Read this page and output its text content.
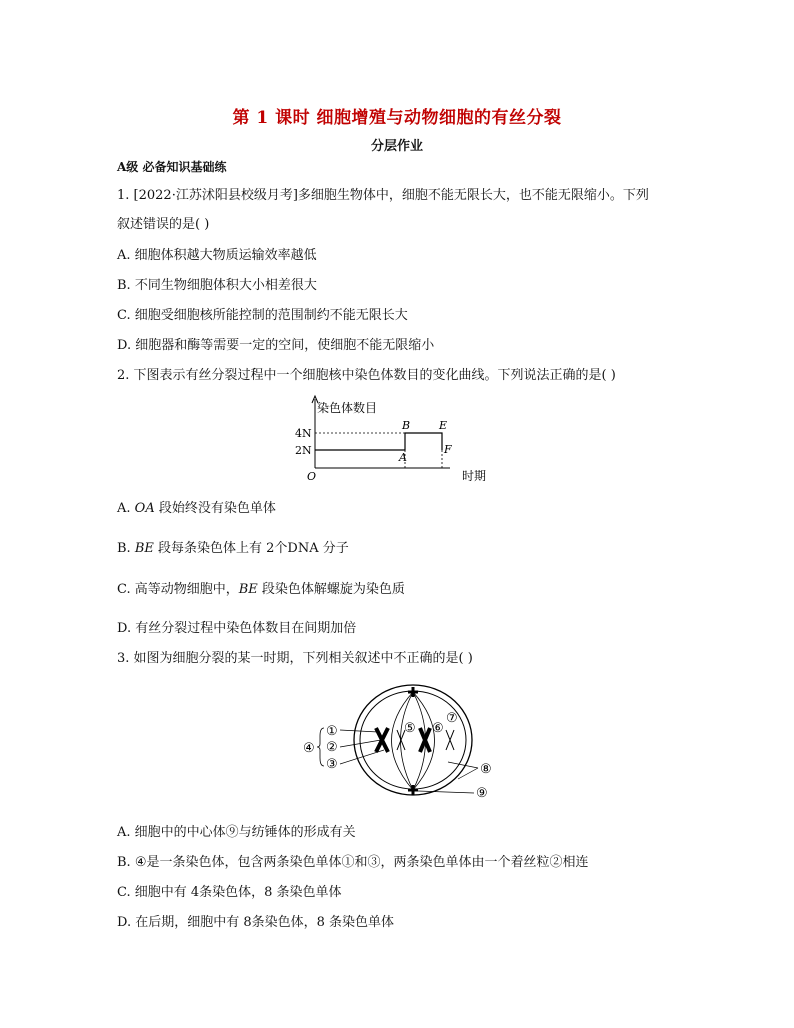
第 1 课时 细胞增殖与动物细胞的有丝分裂
分层作业
A级 必备知识基础练
1. [2022·江苏沭阳县校级月考]多细胞生物体中，细胞不能无限长大，也不能无限缩小。下列
叙述错误的是( )
A. 细胞体积越大物质运输效率越低
B. 不同生物细胞体积大小相差很大
C. 细胞受细胞核所能控制的范围制约不能无限长大
D. 细胞器和酶等需要一定的空间，使细胞不能无限缩小
2. 下图表示有丝分裂过程中一个细胞核中染色体数目的变化曲线。下列说法正确的是( )
染色体数目
O
4N
2N
时期
A
B	E
F
A. OA 段始终没有染色单体
B. BE 段每条染色体上有 2个DNA 分子
C. 高等动物细胞中，BE 段染色体解螺旋为染色质
D. 有丝分裂过程中染色体数目在间期加倍
3. 如图为细胞分裂的某一时期，下列相关叙述中不正确的是( )
①
②
③
④
⑤ ⑥
⑦
⑧
⑨
A. 细胞中的中心体⑨与纺锤体的形成有关
B. ④是一条染色体，包含两条染色单体①和③，两条染色单体由一个着丝粒②相连
C. 细胞中有 4条染色体，8 条染色单体
D. 在后期，细胞中有 8条染色体，8 条染色单体
